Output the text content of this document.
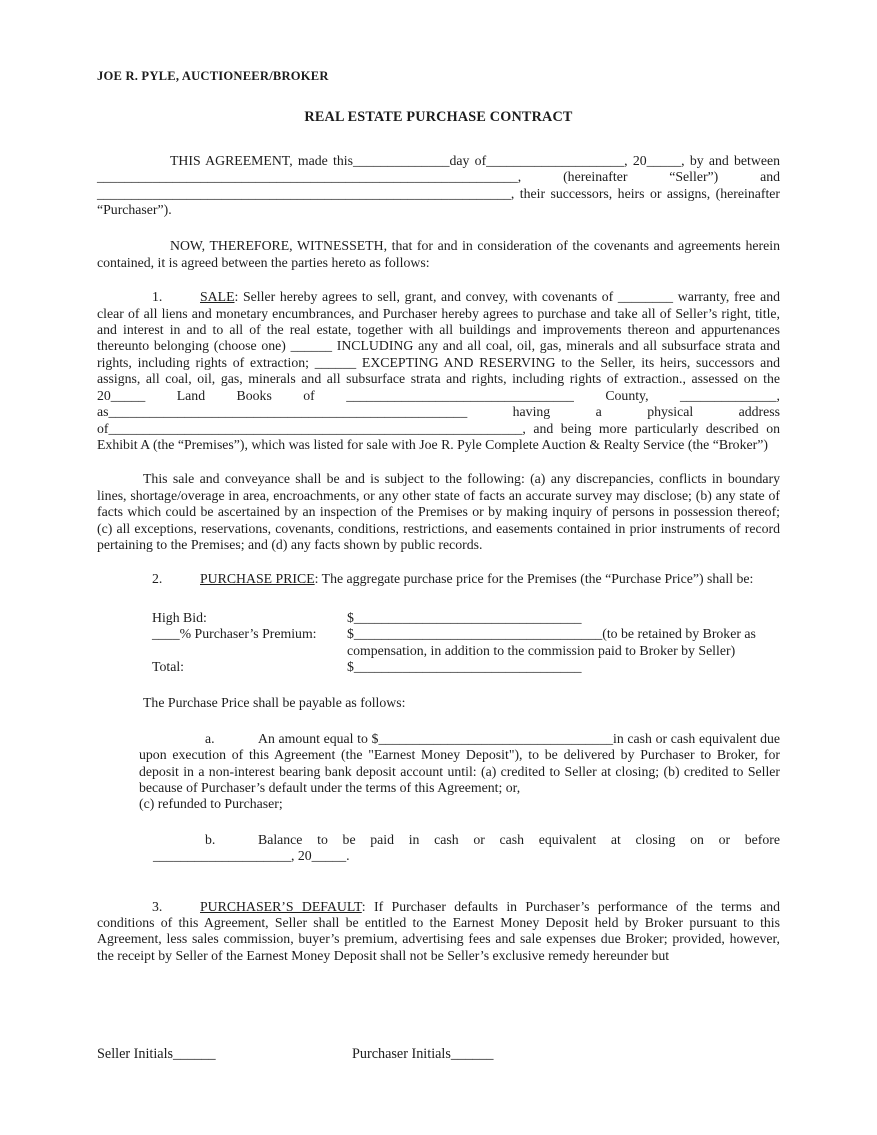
JOE R. PYLE, AUCTIONEER/BROKER
REAL ESTATE PURCHASE CONTRACT

THIS AGREEMENT, made this______________day of____________________, 20_____, by and between _____________________________________________________________, (hereinafter “Seller”) and ____________________________________________________________, their successors, heirs or assigns, (hereinafter “Purchaser”).

NOW, THEREFORE, WITNESSETH, that for and in consideration of the covenants and agreements herein contained, it is agreed between the parties hereto as follows:

1.	SALE: Seller hereby agrees to sell, grant, and convey, with covenants of ________ warranty, free and clear of all liens and monetary encumbrances, and Purchaser hereby agrees to purchase and take all of Seller’s right, title, and interest in and to all of the real estate, together with all buildings and improvements thereon and appurtenances thereunto belonging (choose one) ______ INCLUDING any and all coal, oil, gas, minerals and all subsurface strata and rights, including rights of extraction; ______ EXCEPTING AND RESERVING to the Seller, its heirs, successors and assigns, all coal, oil, gas, minerals and all subsurface strata and rights, including rights of extraction., assessed on the 20_____ Land Books of _________________________________ County, ______________, as____________________________________________________ having a physical address of____________________________________________________________, and being more particularly described on Exhibit A (the “Premises”), which was listed for sale with Joe R. Pyle Complete Auction & Realty Service (the “Broker”)

This sale and conveyance shall be and is subject to the following: (a) any discrepancies, conflicts in boundary lines, shortage/overage in area, encroachments, or any other state of facts an accurate survey may disclose; (b) any state of facts which could be ascertained by an inspection of the Premises or by making inquiry of persons in possession thereof; (c) all exceptions, reservations, covenants, conditions, restrictions, and easements contained in prior instruments of record pertaining to the Premises; and (d) any facts shown by public records.

2.	PURCHASE PRICE: The aggregate purchase price for the Premises (the “Purchase Price”) shall be:

High Bid:	$_________________________________
____% Purchaser’s Premium:	$____________________________________(to be retained by Broker as

compensation, in addition to the commission paid to Broker by Seller)
Total:	$_________________________________

The Purchase Price shall be payable as follows:

a.	An amount equal to $__________________________________in cash or cash equivalent due upon execution of this Agreement (the "Earnest Money Deposit"), to be delivered by Purchaser to Broker, for deposit in a non-interest bearing bank deposit account until: (a) credited to Seller at closing; (b) credited to Seller because of Purchaser’s default under the terms of this Agreement; or,

(c) refunded to Purchaser;

b.	Balance to be paid in cash or cash equivalent at closing on or before

____________________, 20_____.

3.	PURCHASER’S DEFAULT: If Purchaser defaults in Purchaser’s performance of the terms and conditions of this Agreement, Seller shall be entitled to the Earnest Money Deposit held by Broker pursuant to this Agreement, less sales commission, buyer’s premium, advertising fees and sale expenses due Broker; provided, however, the receipt by Seller of the Earnest Money Deposit shall not be Seller’s exclusive remedy hereunder but

Seller Initials______	Purchaser Initials______
